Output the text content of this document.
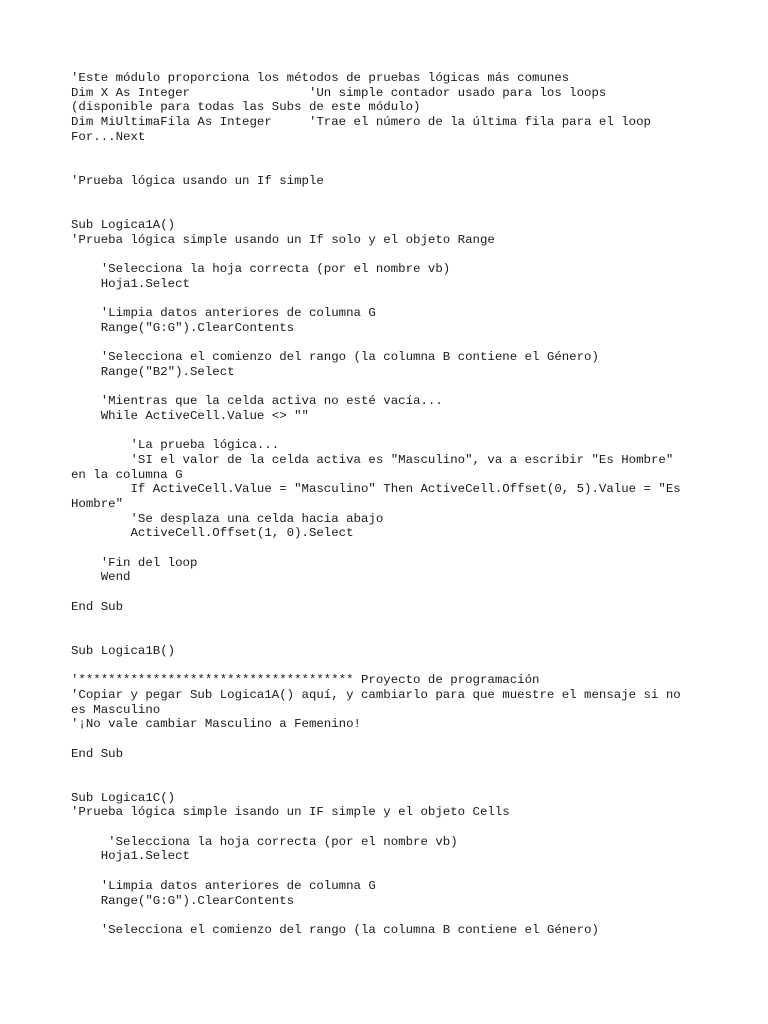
'Este módulo proporciona los métodos de pruebas lógicas más comunes
Dim X As Integer                'Un simple contador usado para los loops
(disponible para todas las Subs de este módulo)
Dim MiUltimaFila As Integer     'Trae el número de la última fila para el loop
For...Next
'Prueba lógica usando un If simple
Sub Logica1A()
'Prueba lógica simple usando un If solo y el objeto Range
'Selecciona la hoja correcta (por el nombre vb)
Hoja1.Select
'Limpia datos anteriores de columna G
Range("G:G").ClearContents
'Selecciona el comienzo del rango (la columna B contiene el Género)
Range("B2").Select
'Mientras que la celda activa no esté vacía...
While ActiveCell.Value <> ""
'La prueba lógica...
'SI el valor de la celda activa es "Masculino", va a escribir "Es Hombre"
en la columna G
If ActiveCell.Value = "Masculino" Then ActiveCell.Offset(0, 5).Value = "Es
Hombre"
'Se desplaza una celda hacia abajo
ActiveCell.Offset(1, 0).Select
'Fin del loop
Wend
End Sub
Sub Logica1B()
'************************************* Proyecto de programación
'Copiar y pegar Sub Logica1A() aquí, y cambiarlo para que muestre el mensaje si no
es Masculino
'¡No vale cambiar Masculino a Femenino!
End Sub
Sub Logica1C()
'Prueba lógica simple isando un IF simple y el objeto Cells
'Selecciona la hoja correcta (por el nombre vb)
Hoja1.Select
'Limpia datos anteriores de columna G
Range("G:G").ClearContents
'Selecciona el comienzo del rango (la columna B contiene el Género)
